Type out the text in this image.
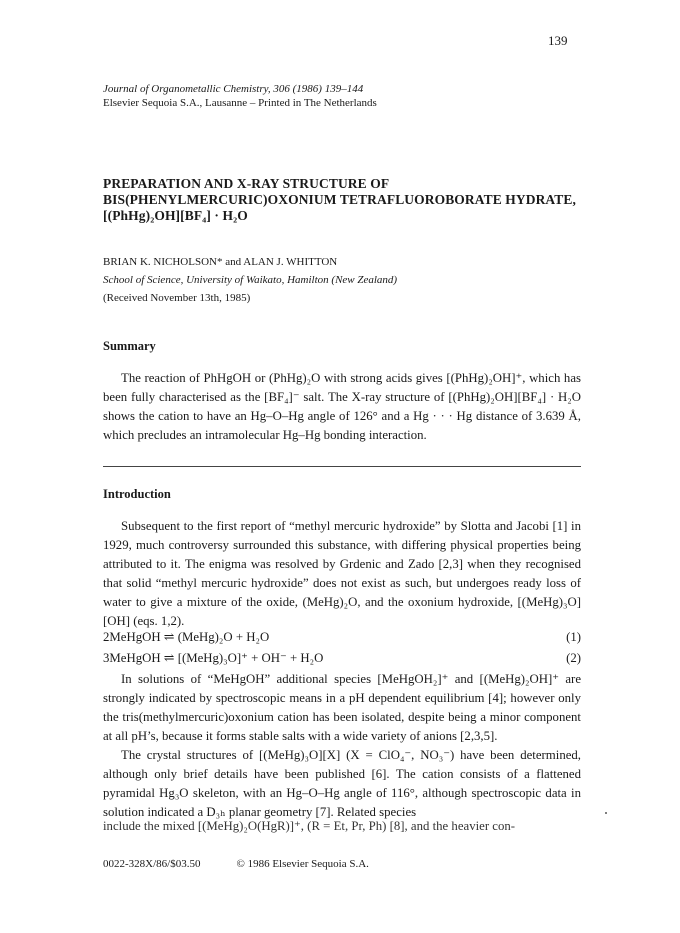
139
Journal of Organometallic Chemistry, 306 (1986) 139–144
Elsevier Sequoia S.A., Lausanne – Printed in The Netherlands
PREPARATION AND X-RAY STRUCTURE OF
BIS(PHENYLMERCURIC)OXONIUM TETRAFLUOROBORATE HYDRATE,
[(PhHg)₂OH][BF₄] · H₂O
BRIAN K. NICHOLSON* and ALAN J. WHITTON
School of Science, University of Waikato, Hamilton (New Zealand)
(Received November 13th, 1985)
Summary

The reaction of PhHgOH or (PhHg)₂O with strong acids gives [(PhHg)₂OH]⁺, which has been fully characterised as the [BF₄]⁻ salt. The X-ray structure of [(PhHg)₂OH][BF₄] · H₂O shows the cation to have an Hg–O–Hg angle of 126° and a Hg · · · Hg distance of 3.639 Å, which precludes an intramolecular Hg–Hg bonding interaction.

Introduction

Subsequent to the first report of “methyl mercuric hydroxide” by Slotta and Jacobi [1] in 1929, much controversy surrounded this substance, with differing physical properties being attributed to it. The enigma was resolved by Grdenic and Zado [2,3] when they recognised that solid “methyl mercuric hydroxide” does not exist as such, but undergoes ready loss of water to give a mixture of the oxide, (MeHg)₂O, and the oxonium hydroxide, [(MeHg)₃O][OH] (eqs. 1,2).

2MeHgOH ⇌ (MeHg)₂O + H₂O	(1)
3MeHgOH ⇌ [(MeHg)₃O]⁺ + OH⁻ + H₂O	(2)

In solutions of “MeHgOH” additional species [MeHgOH₂]⁺ and [(MeHg)₂OH]⁺ are strongly indicated by spectroscopic means in a pH dependent equilibrium [4]; however only the tris(methylmercuric)oxonium cation has been isolated, despite being a minor component at all pH’s, because it forms stable salts with a wide variety of anions [2,3,5].

The crystal structures of [(MeHg)₃O][X] (X = ClO₄⁻, NO₃⁻) have been determined, although only brief details have been published [6]. The cation consists of a flattened pyramidal Hg₃O skeleton, with an Hg–O–Hg angle of 116°, although spectroscopic data in solution indicated a D₃ₕ planar geometry [7]. Related species

include the mixed [(MeHg)₂O(HgR)]⁺, (R = Et, Pr, Ph) [8], and the heavier con-
0022-328X/86/$03.50	© 1986 Elsevier Sequoia S.A.
